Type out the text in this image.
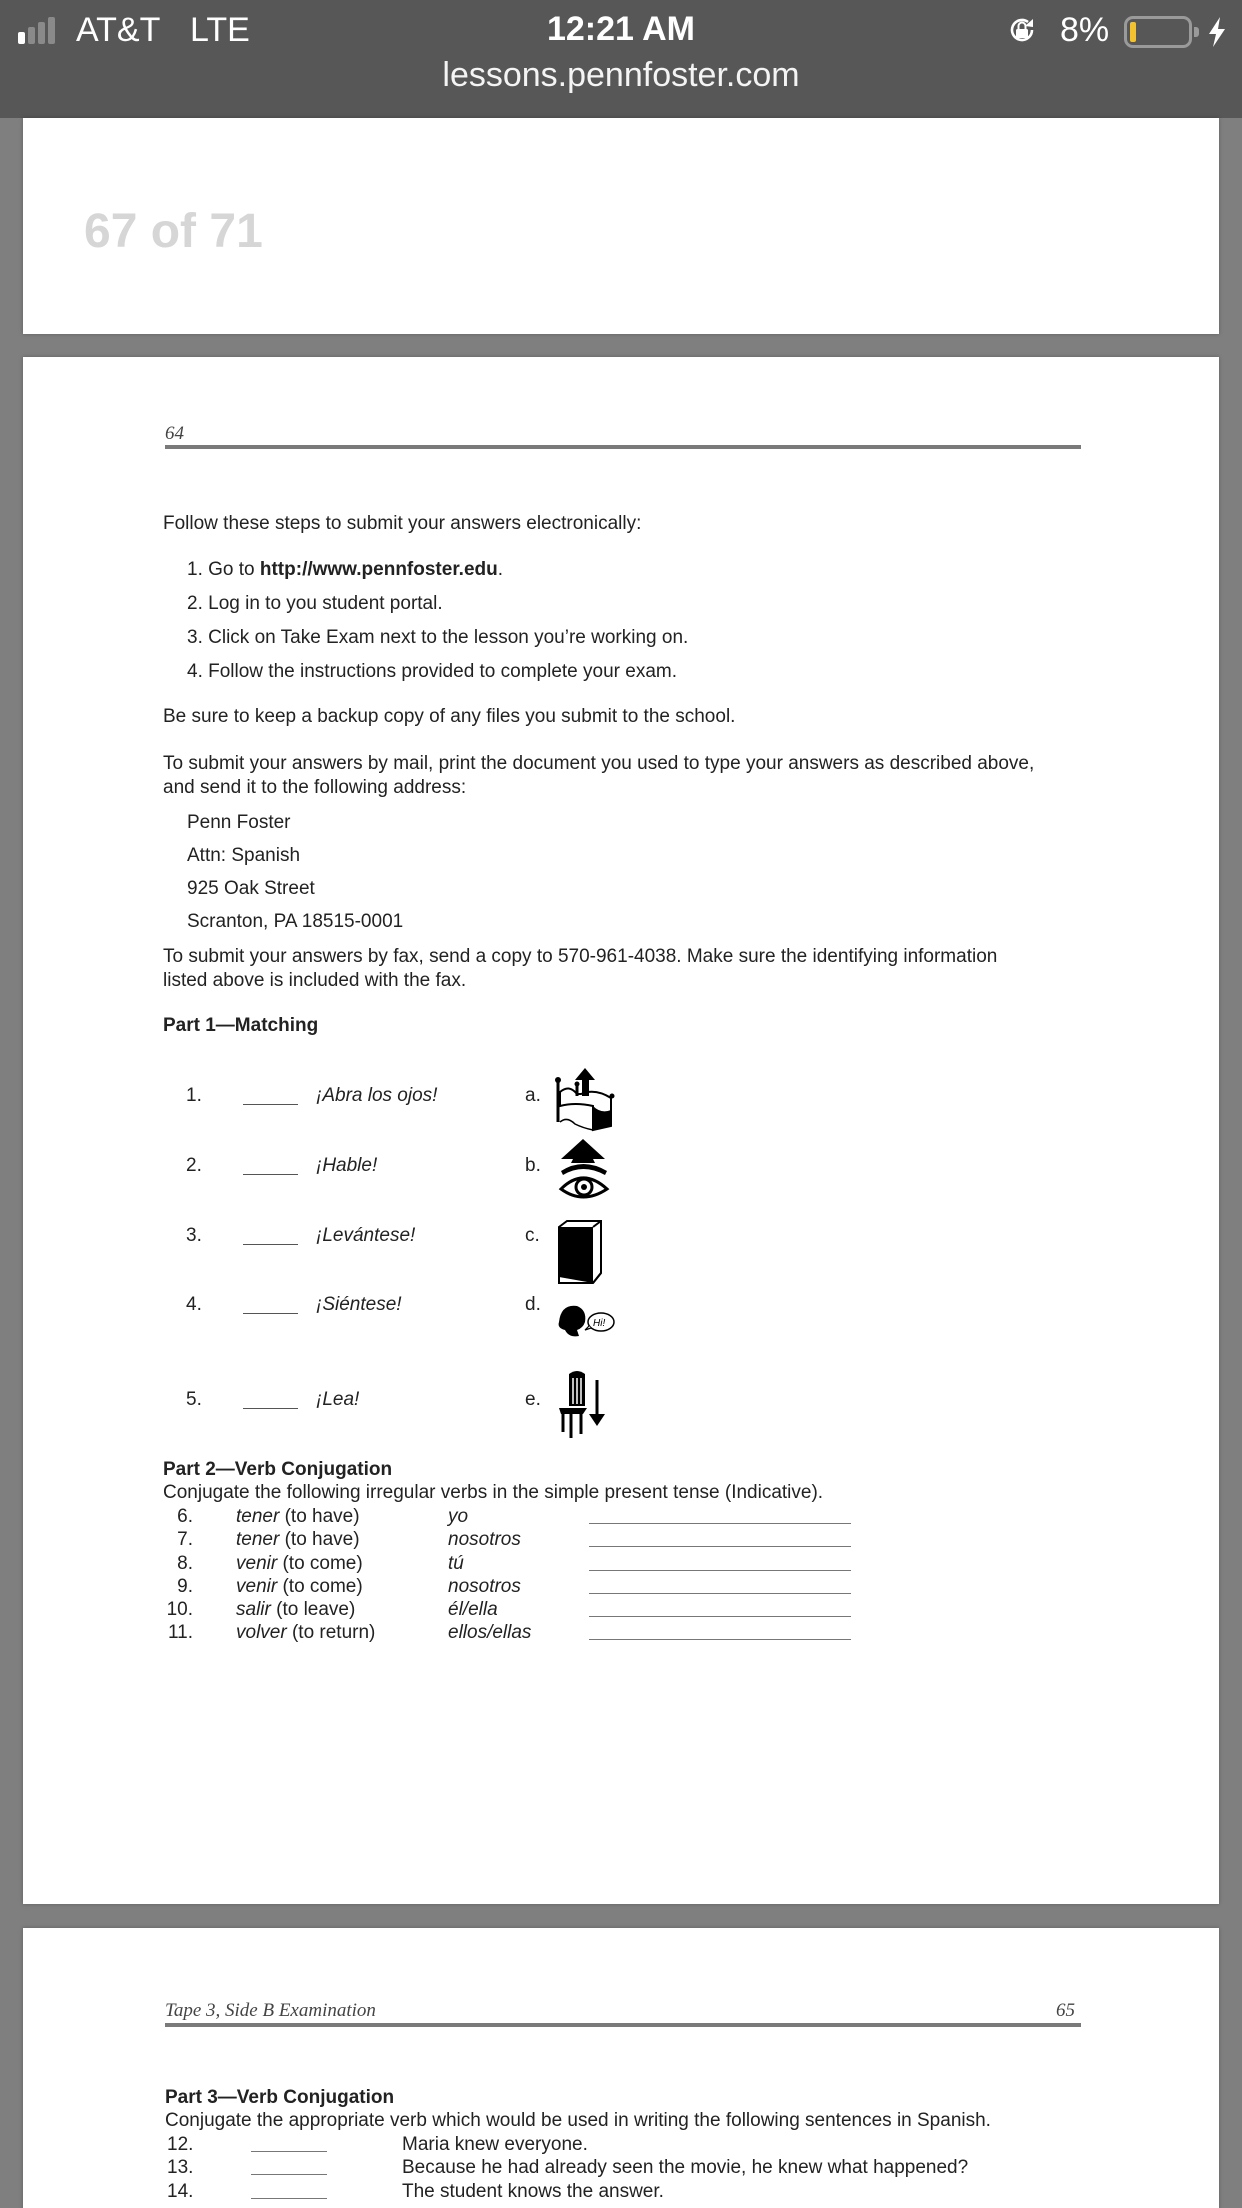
AT&T LTE	12:21 AM	8%
lessons.pennfoster.com
67 of 71
64
Follow these steps to submit your answers electronically:
1. Go to http://www.pennfoster.edu.
2. Log in to you student portal.
3. Click on Take Exam next to the lesson you’re working on.
4. Follow the instructions provided to complete your exam.
Be sure to keep a backup copy of any files you submit to the school.
To submit your answers by mail, print the document you used to type your answers as described above,
and send it to the following address:
Penn Foster
Attn: Spanish
925 Oak Street
Scranton, PA 18515-0001
To submit your answers by fax, send a copy to 570-961-4038. Make sure the identifying information
listed above is included with the fax.
Part 1—Matching
1.	¡Abra los ojos!	a.
2.	¡Hable!	b.
3.	¡Levántese!	c.
4.	¡Siéntese!	d.
5.	¡Lea!	e.
Hi!
Part 2—Verb Conjugation
Conjugate the following irregular verbs in the simple present tense (Indicative).
6. tener (to have)	yo
7. tener (to have)	nosotros
8. venir (to come)	tú
9. venir (to come)	nosotros
10. salir (to leave)	él/ella
11. volver (to return)	ellos/ellas
Tape 3, Side B Examination	65
Part 3—Verb Conjugation
Conjugate the appropriate verb which would be used in writing the following sentences in Spanish.
12.	Maria knew everyone.
13.	Because he had already seen the movie, he knew what happened?
14.	The student knows the answer.
